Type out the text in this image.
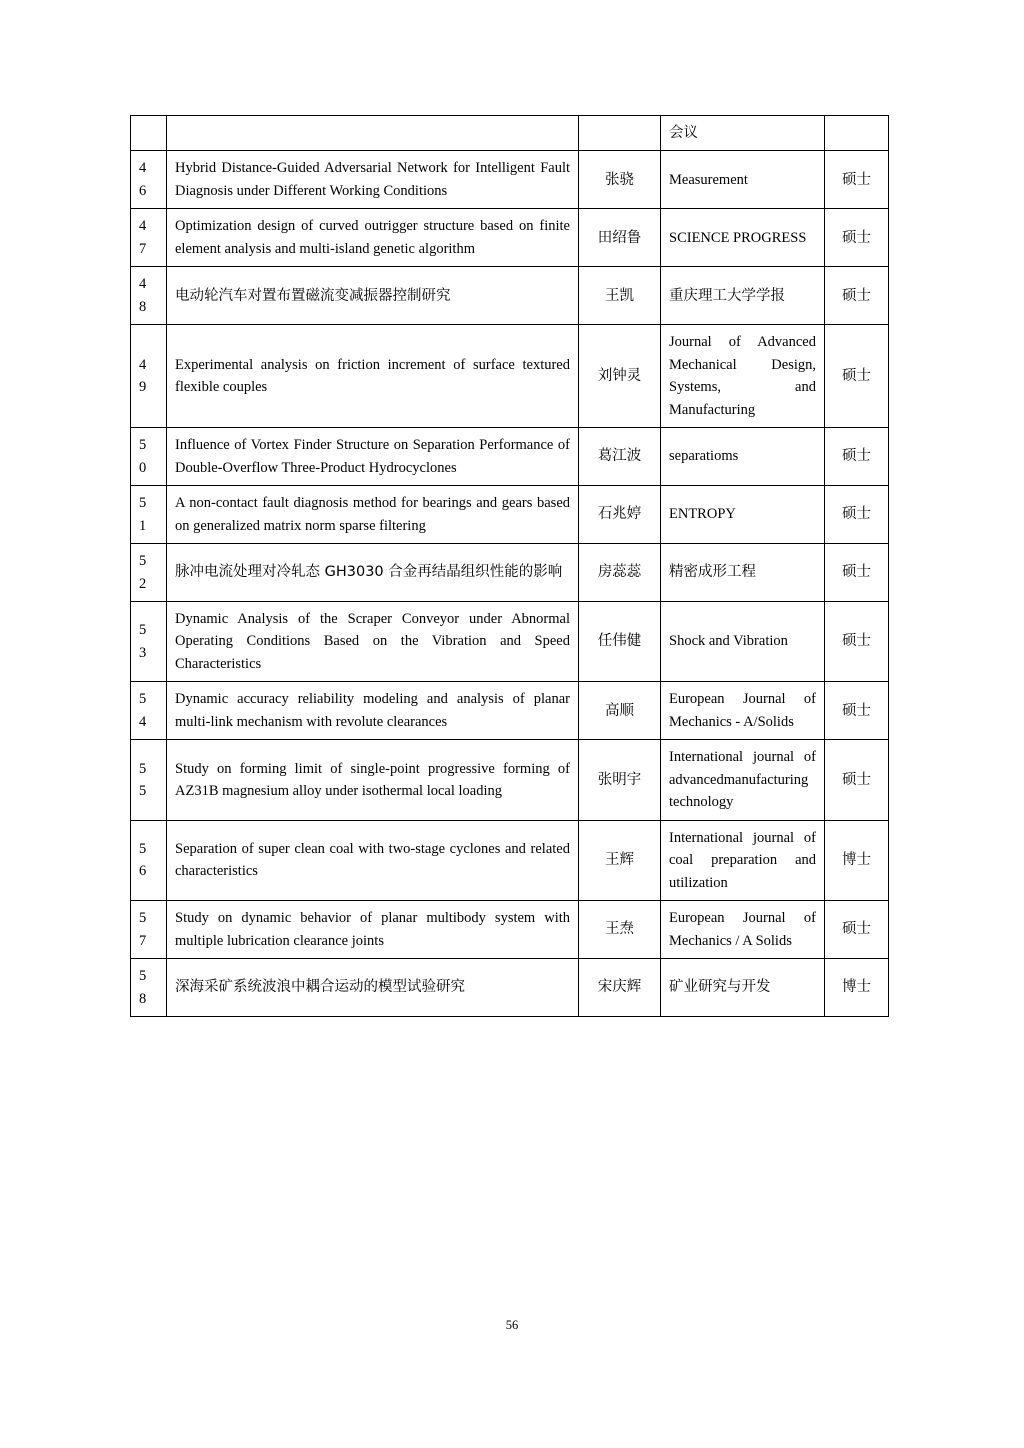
			会议	

4
6	Hybrid Distance-Guided Adversarial Network for Intelligent Fault Diagnosis under Different Working Conditions	张骁	Measurement	硕士

4
7	Optimization design of curved outrigger structure based on finite element analysis and multi-island genetic algorithm	田绍鲁	SCIENCE PROGRESS	硕士

4
8	电动轮汽车对置布置磁流变减振器控制研究	王凯	重庆理工大学学报	硕士

4
9	Experimental analysis on friction increment of surface textured flexible couples	刘钟灵	Journal of Advanced Mechanical Design, Systems, and Manufacturing	硕士

5
0	Influence of Vortex Finder Structure on Separation Performance of Double-Overflow Three-Product Hydrocyclones	葛江波	separatioms	硕士

5
1	A non-contact fault diagnosis method for bearings and gears based on generalized matrix norm sparse filtering	石兆婷	ENTROPY	硕士

5
2	脉冲电流处理对冷轧态 GH3030 合金再结晶组织性能的影响	房蕊蕊	精密成形工程	硕士

5
3	Dynamic Analysis of the Scraper Conveyor under Abnormal Operating Conditions Based on the Vibration and Speed Characteristics	任伟健	Shock and Vibration	硕士

5
4	Dynamic accuracy reliability modeling and analysis of planar multi-link mechanism with revolute clearances	高顺	European Journal of Mechanics - A/Solids	硕士

5
5	Study on forming limit of single-point progressive forming of AZ31B magnesium alloy under isothermal local loading	张明宇	International journal of advancedmanufacturing technology	硕士

5
6	Separation of super clean coal with two-stage cyclones and related characteristics	王辉	International journal of coal preparation and utilization	博士

5
7	Study on dynamic behavior of planar multibody system with multiple lubrication clearance joints	王焘	European Journal of Mechanics / A Solids	硕士

5
8	深海采矿系统波浪中耦合运动的模型试验研究	宋庆辉	矿业研究与开发	博士
56
